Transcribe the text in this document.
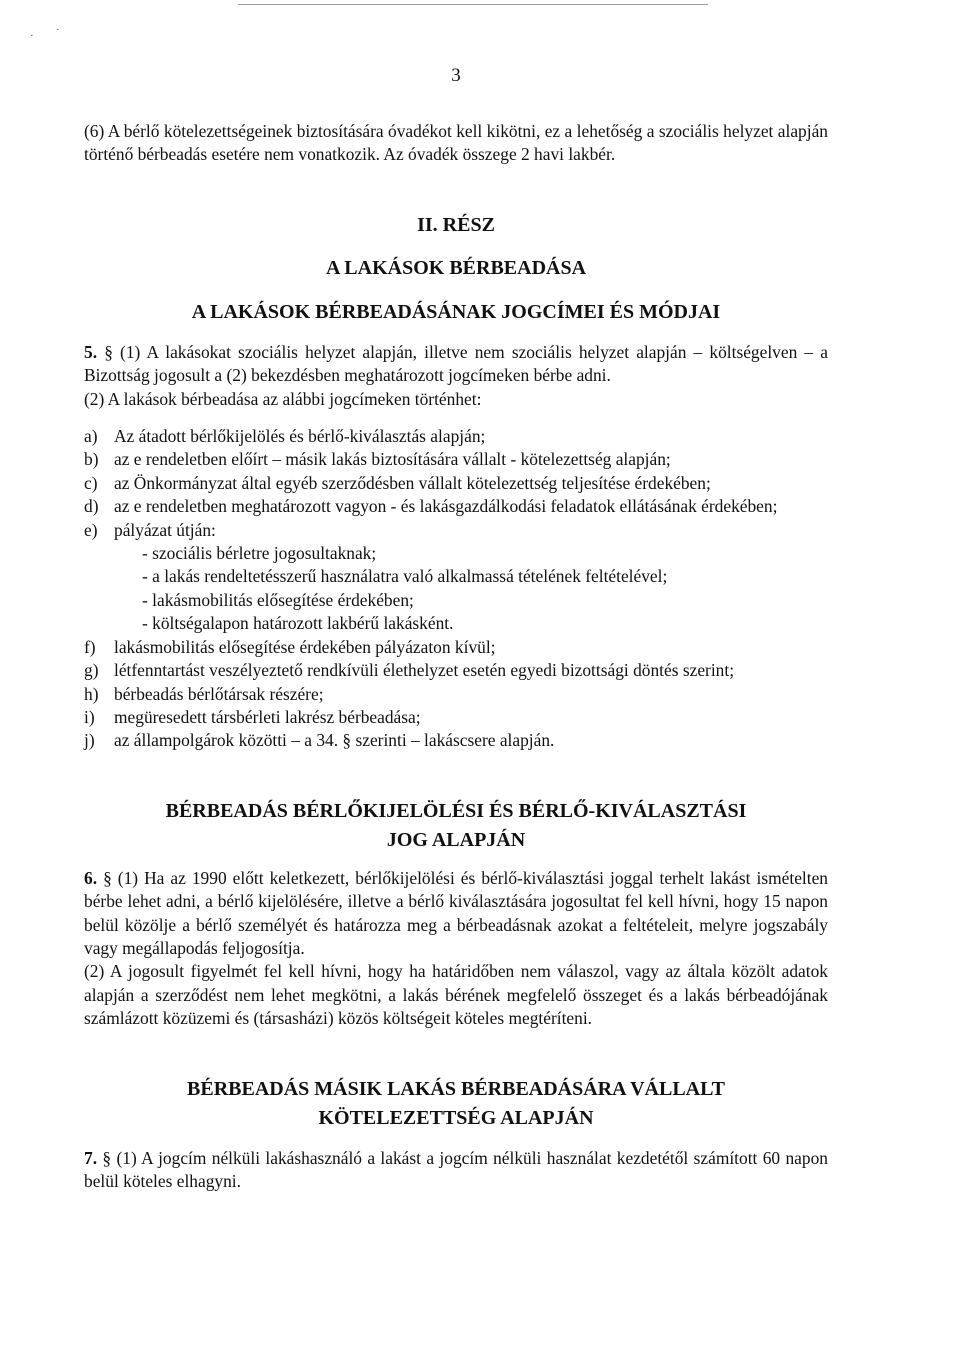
· ·
3

(6) A bérlő kötelezettségeinek biztosítására óvadékot kell kikötni, ez a lehetőség a szociális helyzet alapján történő bérbeadás esetére nem vonatkozik. Az óvadék összege 2 havi lakbér.

II. RÉSZ

A LAKÁSOK BÉRBEADÁSA

A LAKÁSOK BÉRBEADÁSÁNAK JOGCÍMEI ÉS MÓDJAI

5. § (1) A lakásokat szociális helyzet alapján, illetve nem szociális helyzet alapján – költségelven – a Bizottság jogosult a (2) bekezdésben meghatározott jogcímeken bérbe adni.

(2) A lakások bérbeadása az alábbi jogcímeken történhet:

a) Az átadott bérlőkijelölés és bérlő-kiválasztás alapján;
b) az e rendeletben előírt – másik lakás biztosítására vállalt - kötelezettség alapján;
c) az Önkormányzat által egyéb szerződésben vállalt kötelezettség teljesítése érdekében;
d) az e rendeletben meghatározott vagyon - és lakásgazdálkodási feladatok ellátásának érdekében;
e) pályázat útján:
- szociális bérletre jogosultaknak;
- a lakás rendeltetésszerű használatra való alkalmassá tételének feltételével;
- lakásmobilitás elősegítése érdekében;
- költségalapon határozott lakbérű lakásként.
f)	lakásmobilitás elősegítése érdekében pályázaton kívül;
g) létfenntartást veszélyeztető rendkívüli élethelyzet esetén egyedi bizottsági döntés szerint;
h) bérbeadás bérlőtársak részére;
i)	megüresedett társbérleti lakrész bérbeadása;
j)	az állampolgárok közötti – a 34. § szerinti – lakáscsere alapján.

BÉRBEADÁS BÉRLŐKIJELÖLÉSI ÉS BÉRLŐ-KIVÁLASZTÁSI JOG ALAPJÁN

6. § (1) Ha az 1990 előtt keletkezett, bérlőkijelölési és bérlő-kiválasztási joggal terhelt lakást ismételten bérbe lehet adni, a bérlő kijelölésére, illetve a bérlő kiválasztására jogosultat fel kell hívni, hogy 15 napon belül közölje a bérlő személyét és határozza meg a bérbeadásnak azokat a feltételeit, melyre jogszabály vagy megállapodás feljogosítja.

(2) A jogosult figyelmét fel kell hívni, hogy ha határidőben nem válaszol, vagy az általa közölt adatok alapján a szerződést nem lehet megkötni, a lakás bérének megfelelő összeget és a lakás bérbeadójának számlázott közüzemi és (társasházi) közös költségeit köteles megtéríteni.

BÉRBEADÁS MÁSIK LAKÁS BÉRBEADÁSÁRA VÁLLALT KÖTELEZETTSÉG ALAPJÁN

7. § (1) A jogcím nélküli lakáshasználó a lakást a jogcím nélküli használat kezdetétől számított 60 napon belül köteles elhagyni.
